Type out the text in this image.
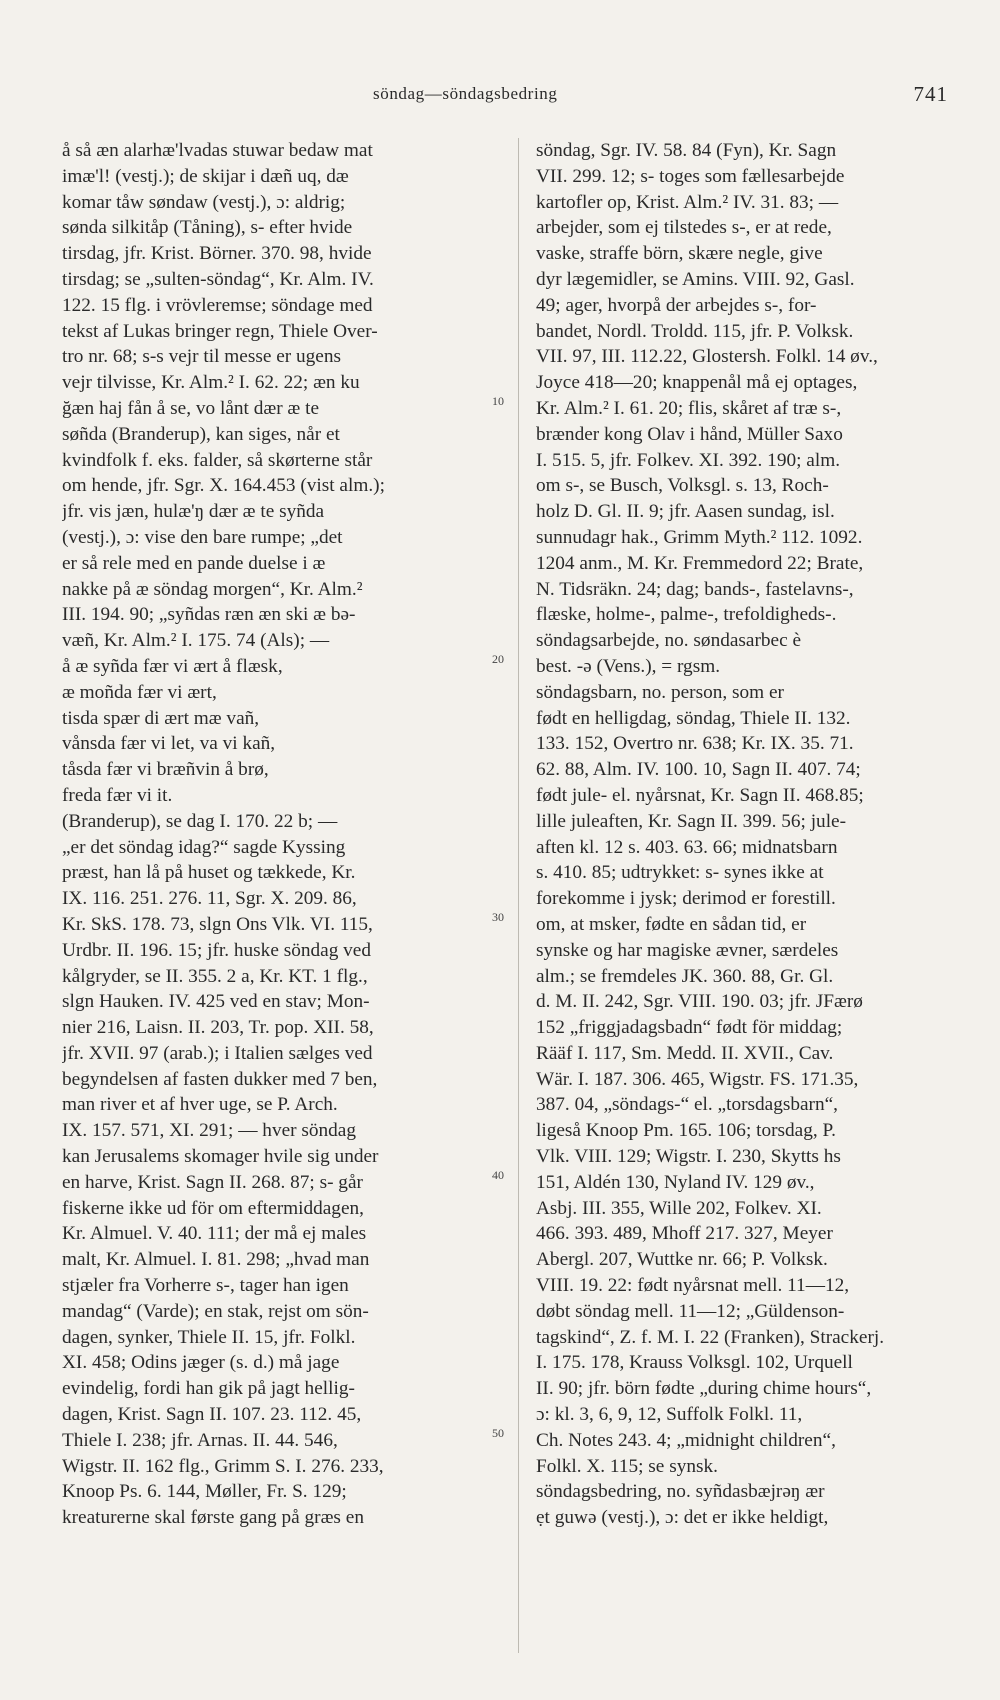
söndag—söndagsbedring	741
å så æn alarhæ'lvadas stuwar bedaw mat
imæ'l! (vestj.); de skijar i dæñ uq, dæ
komar tåw søndaw (vestj.), ɔ: aldrig;
sønda silkitåp (Tåning), s- efter hvide
tirsdag, jfr. Krist. Börner. 370. 98, hvide
tirsdag; se „sulten-söndag“, Kr. Alm. IV.
122. 15 flg. i vrövleremse; söndage med
tekst af Lukas bringer regn, Thiele Over-
tro nr. 68; s-s vejr til messe er ugens
vejr tilvisse, Kr. Alm.² I. 62. 22; æn ku
ğæn haj fån å se, vo lånt dær æ te
søñda (Branderup), kan siges, når et
kvindfolk f. eks. falder, så skørterne står
om hende, jfr. Sgr. X. 164.453 (vist alm.);
jfr. vis jæn, hulæ'ŋ dær æ te syñda
(vestj.), ɔ: vise den bare rumpe; „det
er så rele med en pande duelse i æ
nakke på æ söndag morgen“, Kr. Alm.²
III. 194. 90; „syñdas ræn æn ski æ bə-
væñ, Kr. Alm.² I. 175. 74 (Als); —
å æ syñda fær vi ært å flæsk,
æ moñda fær vi ært,
tisda spær di ært mæ vañ,
vånsda fær vi let, va vi kañ,
tåsda fær vi bræñvin å brø,
freda fær vi it.
(Branderup), se dag I. 170. 22 b; —
„er det söndag idag?“ sagde Kyssing
præst, han lå på huset og tækkede, Kr.
IX. 116. 251. 276. 11, Sgr. X. 209. 86,
Kr. SkS. 178. 73, slgn Ons Vlk. VI. 115,
Urdbr. II. 196. 15; jfr. huske söndag ved
kålgryder, se II. 355. 2 a, Kr. KT. 1 flg.,
slgn Hauken. IV. 425 ved en stav; Mon-
nier 216, Laisn. II. 203, Tr. pop. XII. 58,
jfr. XVII. 97 (arab.); i Italien sælges ved
begyndelsen af fasten dukker med 7 ben,
man river et af hver uge, se P. Arch.
IX. 157. 571, XI. 291; — hver söndag
kan Jerusalems skomager hvile sig under
en harve, Krist. Sagn II. 268. 87; s- går
fiskerne ikke ud för om eftermiddagen,
Kr. Almuel. V. 40. 111; der må ej males
malt, Kr. Almuel. I. 81. 298; „hvad man
stjæler fra Vorherre s-, tager han igen
mandag“ (Varde); en stak, rejst om sön-
dagen, synker, Thiele II. 15, jfr. Folkl.
XI. 458; Odins jæger (s. d.) må jage
evindelig, fordi han gik på jagt hellig-
dagen, Krist. Sagn II. 107. 23. 112. 45,
Thiele I. 238; jfr. Arnas. II. 44. 546,
Wigstr. II. 162 flg., Grimm S. I. 276. 233,
Knoop Ps. 6. 144, Møller, Fr. S. 129;
kreaturerne skal første gang på græs en
söndag, Sgr. IV. 58. 84 (Fyn), Kr. Sagn
VII. 299. 12; s- toges som fællesarbejde
kartofler op, Krist. Alm.² IV. 31. 83; —
arbejder, som ej tilstedes s-, er at rede,
vaske, straffe börn, skære negle, give
dyr lægemidler, se Amins. VIII. 92, Gasl.
49; ager, hvorpå der arbejdes s-, for-
bandet, Nordl. Troldd. 115, jfr. P. Volksk.
VII. 97, III. 112.22, Glostersh. Folkl. 14 øv.,
Joyce 418—20; knappenål må ej optages,
Kr. Alm.² I. 61. 20; flis, skåret af træ s-,
brænder kong Olav i hånd, Müller Saxo
I. 515. 5, jfr. Folkev. XI. 392. 190; alm.
om s-, se Busch, Volksgl. s. 13, Roch-
holz D. Gl. II. 9; jfr. Aasen sundag, isl.
sunnudagr hak., Grimm Myth.² 112. 1092.
1204 anm., M. Kr. Fremmedord 22; Brate,
N. Tidsräkn. 24; dag; bands-, fastelavns-,
flæske, holme-, palme-, trefoldigheds-.
söndagsarbejde, no. søndasarbec è
best. -ə (Vens.), = rgsm.
söndagsbarn, no. person, som er
født en helligdag, söndag, Thiele II. 132.
133. 152, Overtro nr. 638; Kr. IX. 35. 71.
62. 88, Alm. IV. 100. 10, Sagn II. 407. 74;
født jule- el. nyårsnat, Kr. Sagn II. 468.85;
lille juleaften, Kr. Sagn II. 399. 56; jule-
aften kl. 12 s. 403. 63. 66; midnatsbarn
s. 410. 85; udtrykket: s- synes ikke at
forekomme i jysk; derimod er forestill.
om, at msker, fødte en sådan tid, er
synske og har magiske ævner, særdeles
alm.; se fremdeles JK. 360. 88, Gr. Gl.
d. M. II. 242, Sgr. VIII. 190. 03; jfr. JFærø
152 „friggjadagsbadn“ født för middag;
Rääf I. 117, Sm. Medd. II. XVII., Cav.
Wär. I. 187. 306. 465, Wigstr. FS. 171.35,
387. 04, „söndags-“ el. „torsdagsbarn“,
ligeså Knoop Pm. 165. 106; torsdag, P.
Vlk. VIII. 129; Wigstr. I. 230, Skytts hs
151, Aldén 130, Nyland IV. 129 øv.,
Asbj. III. 355, Wille 202, Folkev. XI.
466. 393. 489, Mhoff 217. 327, Meyer
Abergl. 207, Wuttke nr. 66; P. Volksk.
VIII. 19. 22: født nyårsnat mell. 11—12,
døbt söndag mell. 11—12; „Güldenson-
tagskind“, Z. f. M. I. 22 (Franken), Strackerj.
I. 175. 178, Krauss Volksgl. 102, Urquell
II. 90; jfr. börn fødte „during chime hours“,
ɔ: kl. 3, 6, 9, 12, Suffolk Folkl. 11,
Ch. Notes 243. 4; „midnight children“,
Folkl. X. 115; se synsk.
söndagsbedring, no. syñdasbæjrəŋ ær
ẹt guwə (vestj.), ɔ: det er ikke heldigt,
10
20
30
40
50
